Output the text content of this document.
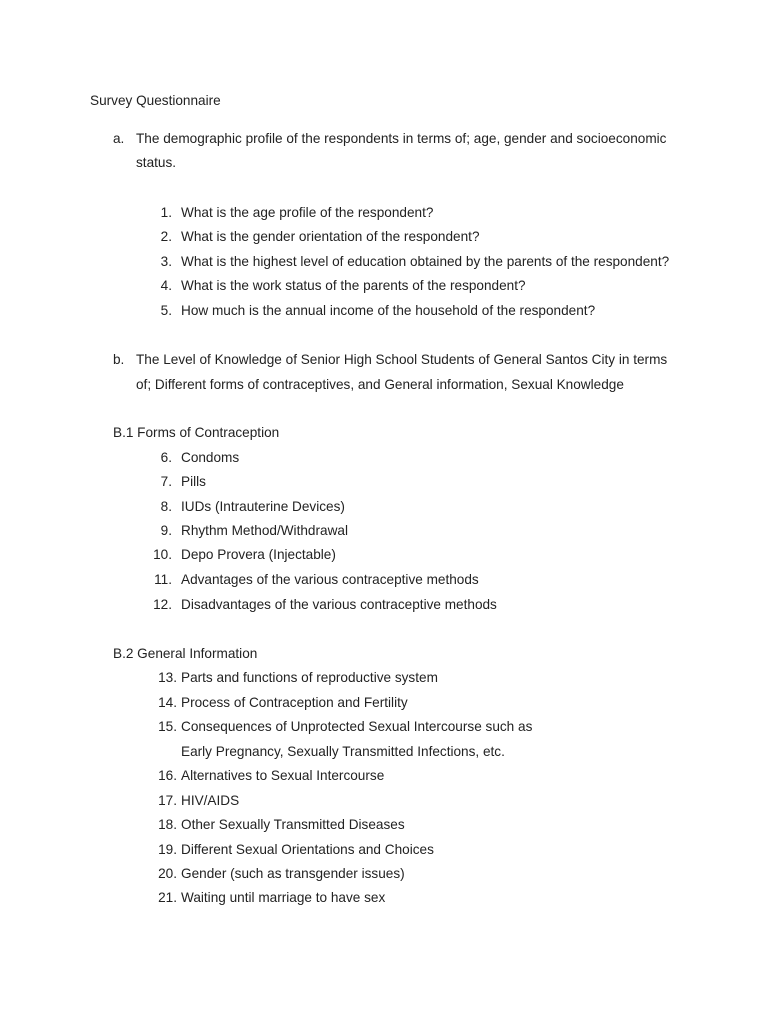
Survey Questionnaire
a. The demographic profile of the respondents in terms of; age, gender and socioeconomic
status.
1. What is the age profile of the respondent?
2. What is the gender orientation of the respondent?
3. What is the highest level of education obtained by the parents of the respondent?
4. What is the work status of the parents of the respondent?
5. How much is the annual income of the household of the respondent?
b. The Level of Knowledge of Senior High School Students of General Santos City in terms
of; Different forms of contraceptives, and General information, Sexual Knowledge
B.1 Forms of Contraception
6. Condoms
7. Pills
8. IUDs (Intrauterine Devices)
9. Rhythm Method/Withdrawal
10. Depo Provera (Injectable)
11. Advantages of the various contraceptive methods
12. Disadvantages of the various contraceptive methods
B.2 General Information
13. Parts and functions of reproductive system
14. Process of Contraception and Fertility
15. Consequences of Unprotected Sexual Intercourse such as
Early Pregnancy, Sexually Transmitted Infections, etc.
16. Alternatives to Sexual Intercourse
17. HIV/AIDS
18. Other Sexually Transmitted Diseases
19. Different Sexual Orientations and Choices
20. Gender (such as transgender issues)
21. Waiting until marriage to have sex
